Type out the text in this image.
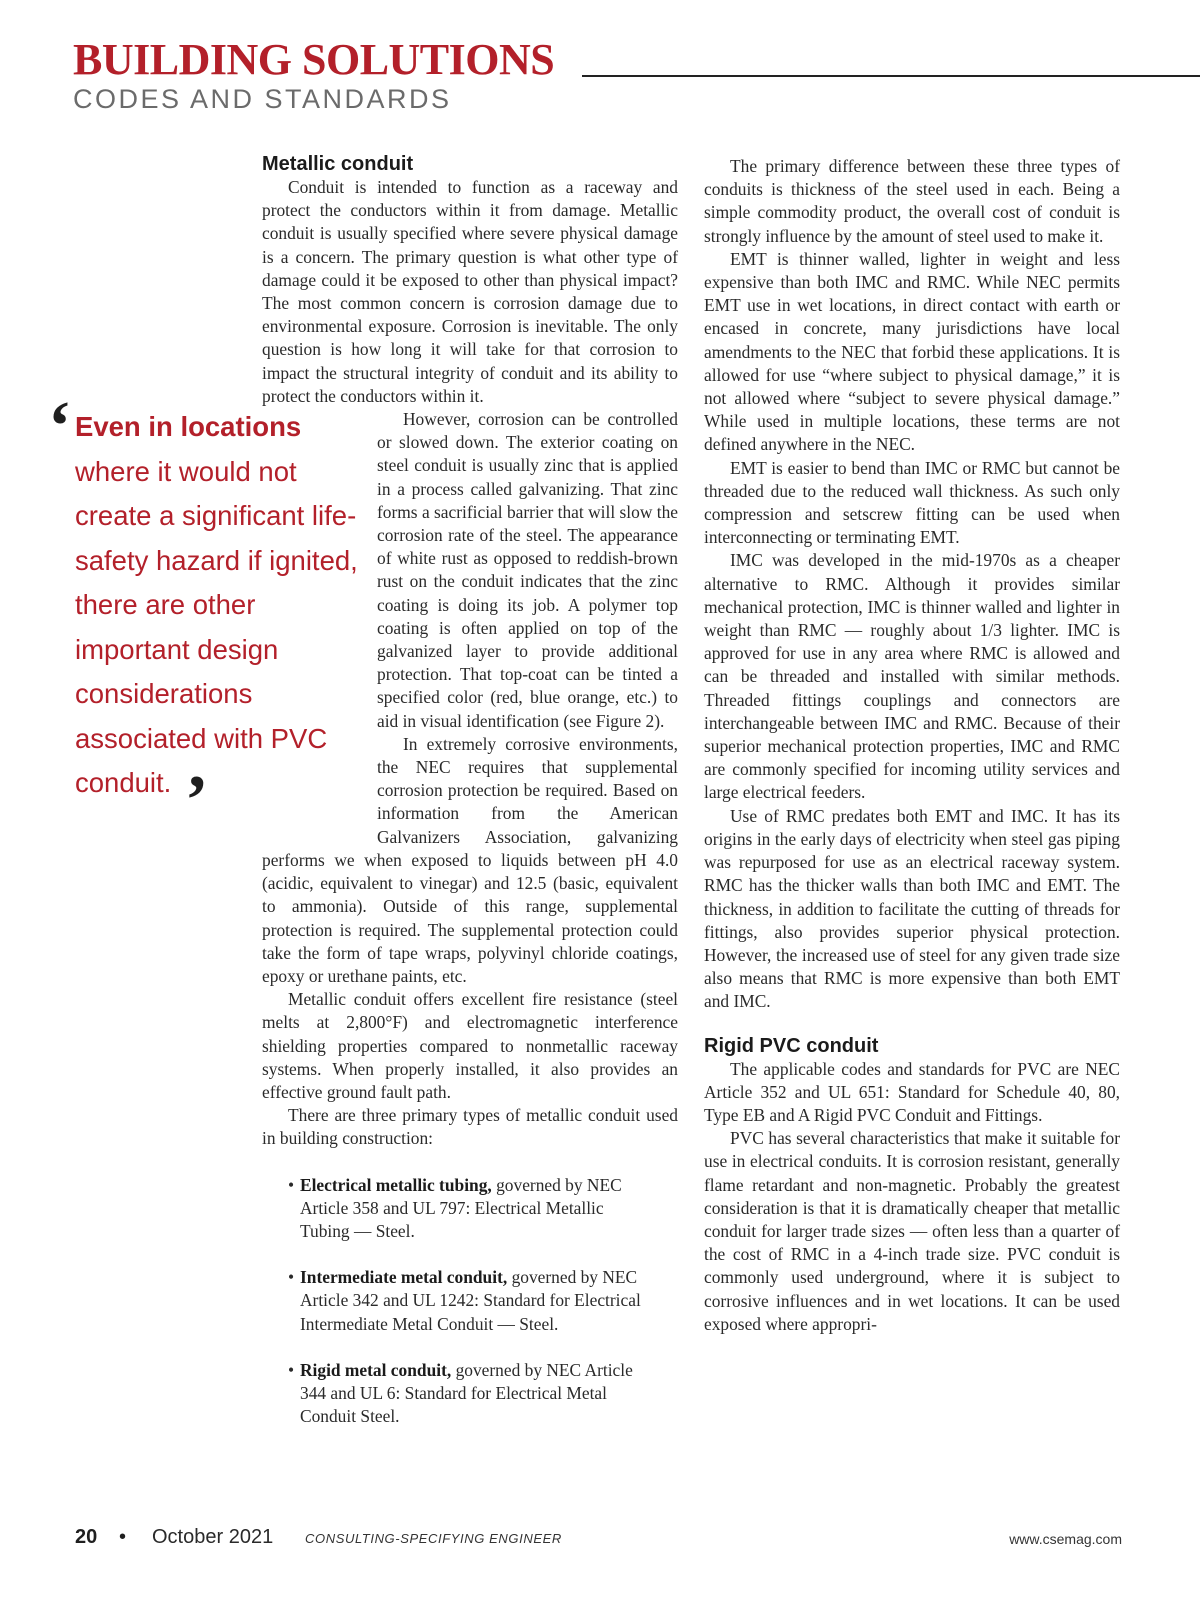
BUILDING SOLUTIONS
CODES AND STANDARDS
‘ Even in locations where it would not create a significant life-safety hazard if ignited, there are other important design considerations associated with PVC conduit. ’
Metallic conduit

Conduit is intended to function as a raceway and protect the conductors within it from damage. Metallic conduit is usually specified where severe physical damage is a concern. The primary question is what other type of damage could it be exposed to other than physical impact? The most common concern is corrosion damage due to environmental exposure. Corrosion is inevitable. The only question is how long it will take for that corrosion to impact the structural integrity of conduit and its ability to protect the conductors within it.

However, corrosion can be controlled or slowed down. The exterior coating on steel conduit is usually zinc that is applied in a process called galvanizing. That zinc forms a sacrificial barrier that will slow the corrosion rate of the steel. The appearance of white rust as opposed to reddish-brown rust on the conduit indicates that the zinc coating is doing its job. A polymer top coating is often applied on top of the galvanized layer to provide additional protection. That top-coat can be tinted a specified color (red, blue orange, etc.) to aid in visual identification (see Figure 2).

In extremely corrosive environments, the NEC requires that supplemental corrosion protection be required. Based on information from the American Galvanizers Association, galvanizing performs we when exposed to liquids between pH 4.0 (acidic, equivalent to vinegar) and 12.5 (basic, equivalent to ammonia). Outside of this range, supplemental protection is required. The supplemental protection could take the form of tape wraps, polyvinyl chloride coatings, epoxy or urethane paints, etc.

Metallic conduit offers excellent fire resistance (steel melts at 2,800°F) and electromagnetic interference shielding properties compared to nonmetallic raceway systems. When properly installed, it also provides an effective ground fault path.

There are three primary types of metallic conduit used in building construction:

• Electrical metallic tubing, governed by NEC Article 358 and UL 797: Electrical Metallic Tubing — Steel.
• Intermediate metal conduit, governed by NEC Article 342 and UL 1242: Standard for Electrical Intermediate Metal Conduit — Steel.
• Rigid metal conduit, governed by NEC Article 344 and UL 6: Standard for Electrical Metal Conduit Steel.

The primary difference between these three types of conduits is thickness of the steel used in each. Being a simple commodity product, the overall cost of conduit is strongly influence by the amount of steel used to make it.

EMT is thinner walled, lighter in weight and less expensive than both IMC and RMC. While NEC permits EMT use in wet locations, in direct contact with earth or encased in concrete, many jurisdictions have local amendments to the NEC that forbid these applications. It is allowed for use “where subject to physical damage,” it is not allowed where “subject to severe physical damage.” While used in multiple locations, these terms are not defined anywhere in the NEC.

EMT is easier to bend than IMC or RMC but cannot be threaded due to the reduced wall thickness. As such only compression and setscrew fitting can be used when interconnecting or terminating EMT.

IMC was developed in the mid-1970s as a cheaper alternative to RMC. Although it provides similar mechanical protection, IMC is thinner walled and lighter in weight than RMC — roughly about 1/3 lighter. IMC is approved for use in any area where RMC is allowed and can be threaded and installed with similar methods. Threaded fittings couplings and connectors are interchangeable between IMC and RMC. Because of their superior mechanical protection properties, IMC and RMC are commonly specified for incoming utility services and large electrical feeders.

Use of RMC predates both EMT and IMC. It has its origins in the early days of electricity when steel gas piping was repurposed for use as an electrical raceway system. RMC has the thicker walls than both IMC and EMT. The thickness, in addition to facilitate the cutting of threads for fittings, also provides superior physical protection. However, the increased use of steel for any given trade size also means that RMC is more expensive than both EMT and IMC.

Rigid PVC conduit

The applicable codes and standards for PVC are NEC Article 352 and UL 651: Standard for Schedule 40, 80, Type EB and A Rigid PVC Conduit and Fittings.

PVC has several characteristics that make it suitable for use in electrical conduits. It is corrosion resistant, generally flame retardant and non-magnetic. Probably the greatest consideration is that it is dramatically cheaper that metallic conduit for larger trade sizes — often less than a quarter of the cost of RMC in a 4-inch trade size. PVC conduit is commonly used underground, where it is subject to corrosive influences and in wet locations. It can be used exposed where appropri-

20 • October 2021 CONSULTING-SPECIFYING ENGINEER	www.csemag.com
